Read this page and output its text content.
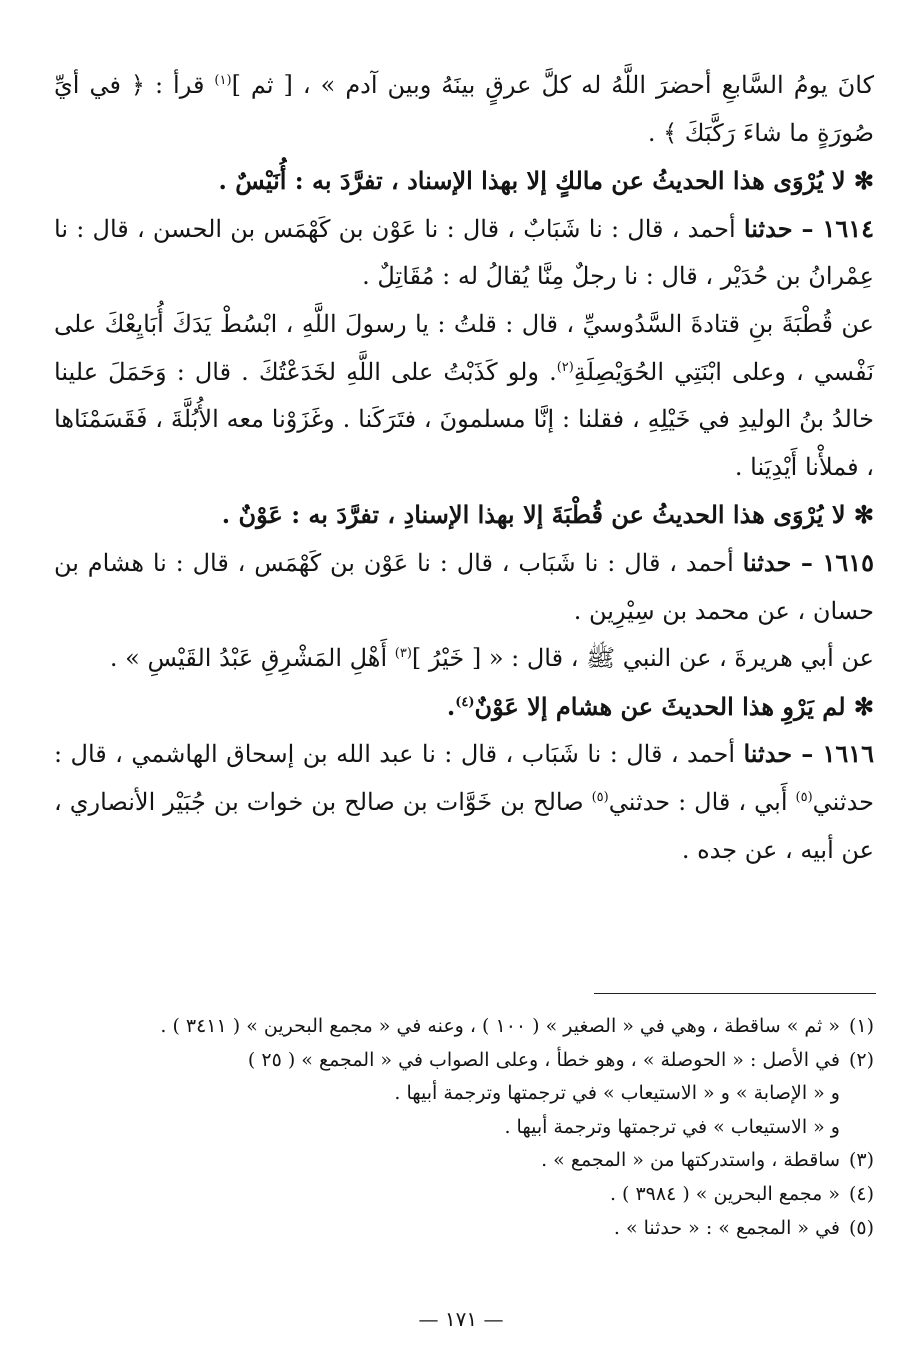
كانَ يومُ السَّابعِ أحضرَ اللَّهُ له كلَّ عرقٍ بينَهُ وبين آدم » ، [ ثم ]$^{(١)}$ قرأ : ﴿ في أيِّ صُورَةٍ ما شاءَ رَكَّبَكَ ﴾ .

✻ لا يُرْوَى هذا الحديثُ عن مالكٍ إلا بهذا الإسناد ، تفرَّدَ به : أُنَيْسٌ .

١٦١٤ – حدثنا أحمد ، قال : نا شَبَابٌ ، قال : نا عَوْن بن كَهْمَس بن الحسن ، قال : نا عِمْرانُ بن حُدَيْر ، قال : نا رجلٌ مِنَّا يُقالُ له : مُقَاتِلٌ .

عن قُطْبَةَ بنِ قتادةَ السَّدُوسيِّ ، قال : قلتُ : يا رسولَ اللَّهِ ، ابْسُطْ يَدَكَ أُبَايِعْكَ على نَفْسي ، وعلى ابْنَتِي الحُوَيْصِلَةِ$^{(٢)}$. ولو كَذَبْتُ على اللَّهِ لخَدَعْتُكَ . قال : وَحَمَلَ علينا خالدُ بنُ الوليدِ في خَيْلِهِ ، فقلنا : إنَّا مسلمونَ ، فتَرَكَنا . وغَزَوْنا معه الأُبُلَّةَ ، فَقَسَمْنَاها ، فملأْنا أَيْدِيَنا .

✻ لا يُرْوَى هذا الحديثُ عن قُطْبَةَ إلا بهذا الإسنادِ ، تفرَّدَ به : عَوْنٌ .

١٦١٥ – حدثنا أحمد ، قال : نا شَبَاب ، قال : نا عَوْن بن كَهْمَس ، قال : نا هشام بن حسان ، عن محمد بن سِيْرِين .

عن أبي هريرةَ ، عن النبي ﷺ ، قال : « [ خَيْرُ ]$^{(٣)}$ أَهْلِ المَشْرِقِ عَبْدُ القَيْسِ » .

✻ لم يَرْوِ هذا الحديثَ عن هشام إلا عَوْنٌ$^{(٤)}$.

١٦١٦ – حدثنا أحمد ، قال : نا شَبَاب ، قال : نا عبد الله بن إسحاق الهاشمي ، قال : حدثني$^{(٥)}$ أَبي ، قال : حدثني$^{(٥)}$ صالح بن خَوَّات بن صالح بن خوات بن جُبَيْر الأنصاري ، عن أبيه ، عن جده .

(١)« ثم » ساقطة ، وهي في « الصغير » ( ١٠٠ ) ، وعنه في « مجمع البحرين » ( ٣٤١١ ) .

(٢)في الأصل : « الحوصلة » ، وهو خطأ ، وعلى الصواب في « المجمع » ( ٢٥ )

و « الإصابة » و « الاستيعاب » في ترجمتها وترجمة أبيها .

و « الاستيعاب » في ترجمتها وترجمة أبيها .

(٣)ساقطة ، واستدركتها من « المجمع » .

(٤)« مجمع البحرين » ( ٣٩٨٤ ) .

(٥)في « المجمع » : « حدثنا » .

— ١٧١ —
